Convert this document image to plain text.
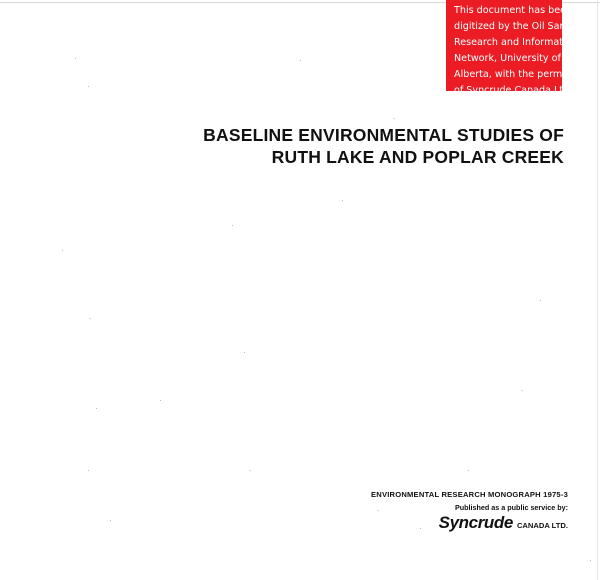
This document has been
digitized by the Oil Sands
Research and Information
Network, University of
Alberta, with the permission
of Syncrude Canada Ltd.
BASELINE ENVIRONMENTAL STUDIES OF
RUTH LAKE AND POPLAR CREEK
ENVIRONMENTAL RESEARCH MONOGRAPH 1975-3
Published as a public service by:
Syncrude CANADA LTD.
